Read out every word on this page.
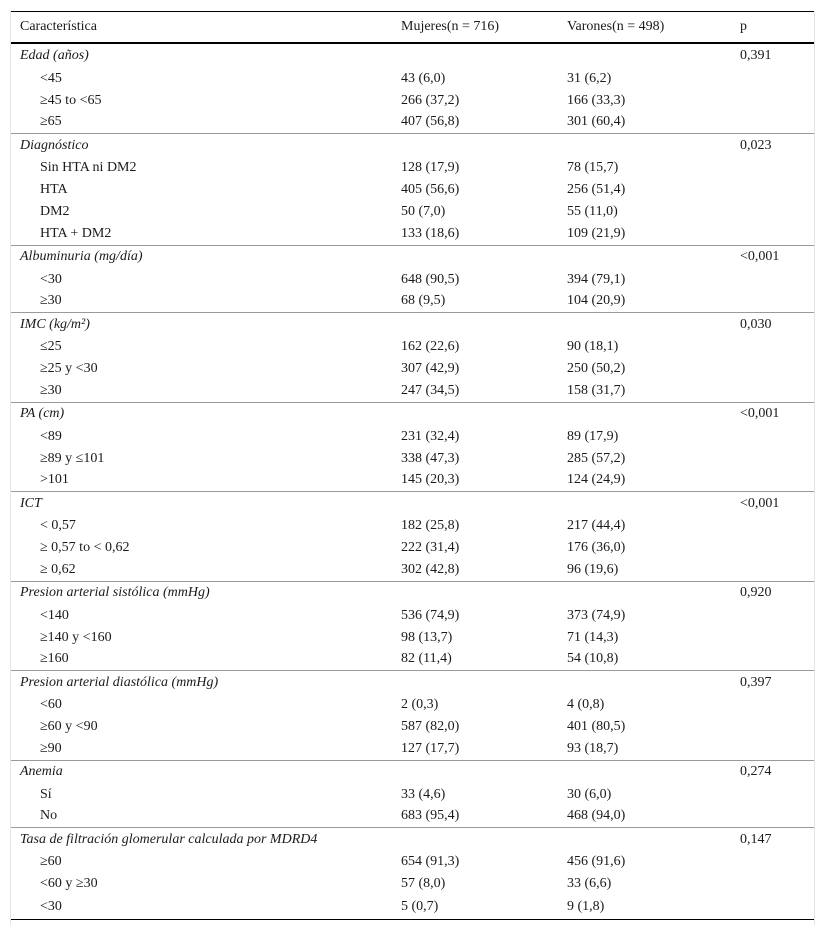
Característica	Mujeres(n = 716)	Varones(n = 498)	p
Edad (años)			0,391
<45	43 (6,0)	31 (6,2)	
≥45 to <65	266 (37,2)	166 (33,3)	
≥65	407 (56,8)	301 (60,4)	
Diagnóstico			0,023
Sin HTA ni DM2	128 (17,9)	78 (15,7)	
HTA	405 (56,6)	256 (51,4)	
DM2	50 (7,0)	55 (11,0)	
HTA + DM2	133 (18,6)	109 (21,9)	
Albuminuria (mg/día)			<0,001
<30	648 (90,5)	394 (79,1)	
≥30	68 (9,5)	104 (20,9)	
IMC (kg/m²)			0,030
≤25	162 (22,6)	90 (18,1)	
≥25 y <30	307 (42,9)	250 (50,2)	
≥30	247 (34,5)	158 (31,7)	
PA (cm)			<0,001
<89	231 (32,4)	89 (17,9)	
≥89 y ≤101	338 (47,3)	285 (57,2)	
>101	145 (20,3)	124 (24,9)	
ICT			<0,001
< 0,57	182 (25,8)	217 (44,4)	
≥ 0,57 to < 0,62	222 (31,4)	176 (36,0)	
≥ 0,62	302 (42,8)	96 (19,6)	
Presion arterial sistólica (mmHg)			0,920
<140	536 (74,9)	373 (74,9)	
≥140 y <160	98 (13,7)	71 (14,3)	
≥160	82 (11,4)	54 (10,8)	
Presion arterial diastólica (mmHg)			0,397
<60	2 (0,3)	4 (0,8)	
≥60 y <90	587 (82,0)	401 (80,5)	
≥90	127 (17,7)	93 (18,7)	
Anemia			0,274
Sí	33 (4,6)	30 (6,0)	
No	683 (95,4)	468 (94,0)	
Tasa de filtración glomerular calculada por MDRD4			0,147
≥60	654 (91,3)	456 (91,6)	
<60 y ≥30	57 (8,0)	33 (6,6)	
<30	5 (0,7)	9 (1,8)	
